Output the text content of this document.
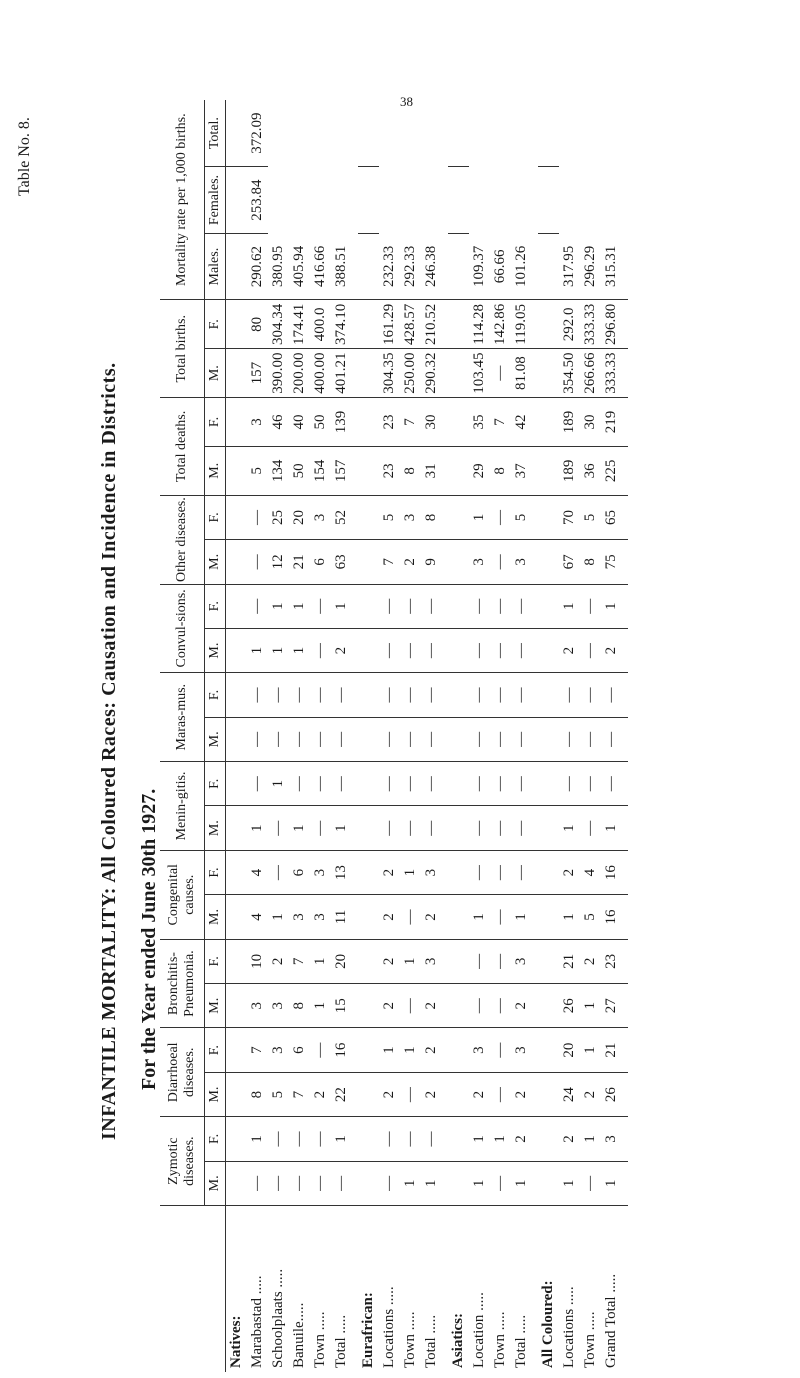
38
Table No. 8.
INFANTILE MORTALITY: All Coloured Races: Causation and Incidence in Districts. For the Year ended June 30th 1927.
	Zymotic diseases.		Diarrhoeal diseases.		Bronchitis-Pneumonia.		Congenital causes.		Menin-gitis.		Maras-mus.		Convul-sions.		Other diseases.		Total deaths.		Total births.		Mortality rate per 1,000 births.		
	M.	F.	M.	F.	M.	F.	M.	F.	M.	F.	M.	F.	M.	F.	M.	F.	M.	F.	M.	F.	Males.	Females.	Total.
Natives:																							
Marabastad .....	—	1	8	7	3	10	4	4	1	—	—	—	1	—	—	—	5	3	157	80	290.62	253.84	372.09
Schoolplaats .....	—	—	5	3	3	2	1	—	—	1	—	—	1	1	12	25	134	46	390.00	304.34	380.95		
Banuile.....	—	—	7	6	8	7	3	6	1	—	—	—	1	1	21	20	50	40	200.00	174.41	405.94		
Town .....	—	—	2	—	1	1	3	3	—	—	—	—	—	—	6	3	154	50	400.00	400.0	416.66		
Total .....	—	1	22	16	15	20	11	13	1	—	—	—	2	1	63	52	157	139	401.21	374.10	388.51		
Eurafrican:																							
Locations .....	—	—	2	1	2	2	2	2	—	—	—	—	—	—	7	5	23	23	304.35	161.29	232.33		
Town .....	1	—	—	1	—	1	—	1	—	—	—	—	—	—	2	3	8	7	250.00	428.57	292.33		
Total .....	1	—	2	2	2	3	2	3	—	—	—	—	—	—	9	8	31	30	290.32	210.52	246.38		
Asiatics:																							
Location .....	1	1	2	3	—	—	1	—	—	—	—	—	—	—	3	1	29	35	103.45	114.28	109.37		
Town .....	—	1	—	—	—	—	—	—	—	—	—	—	—	—	—	—	8	7	—	142.86	66.66		
Total .....	1	2	2	3	2	3	1	—	—	—	—	—	—	—	3	5	37	42	81.08	119.05	101.26		
All Coloured:																							
Locations .....	1	2	24	20	26	21	1	2	1	—	—	—	2	1	67	70	189	189	354.50	292.0	317.95		
Town .....	—	1	2	1	1	2	5	4	—	—	—	—	—	—	8	5	36	30	266.66	333.33	296.29		
Grand Total .....	1	3	26	21	27	23	16	16	1	—	—	—	2	1	75	65	225	219	333.33	296.80	315.31		
